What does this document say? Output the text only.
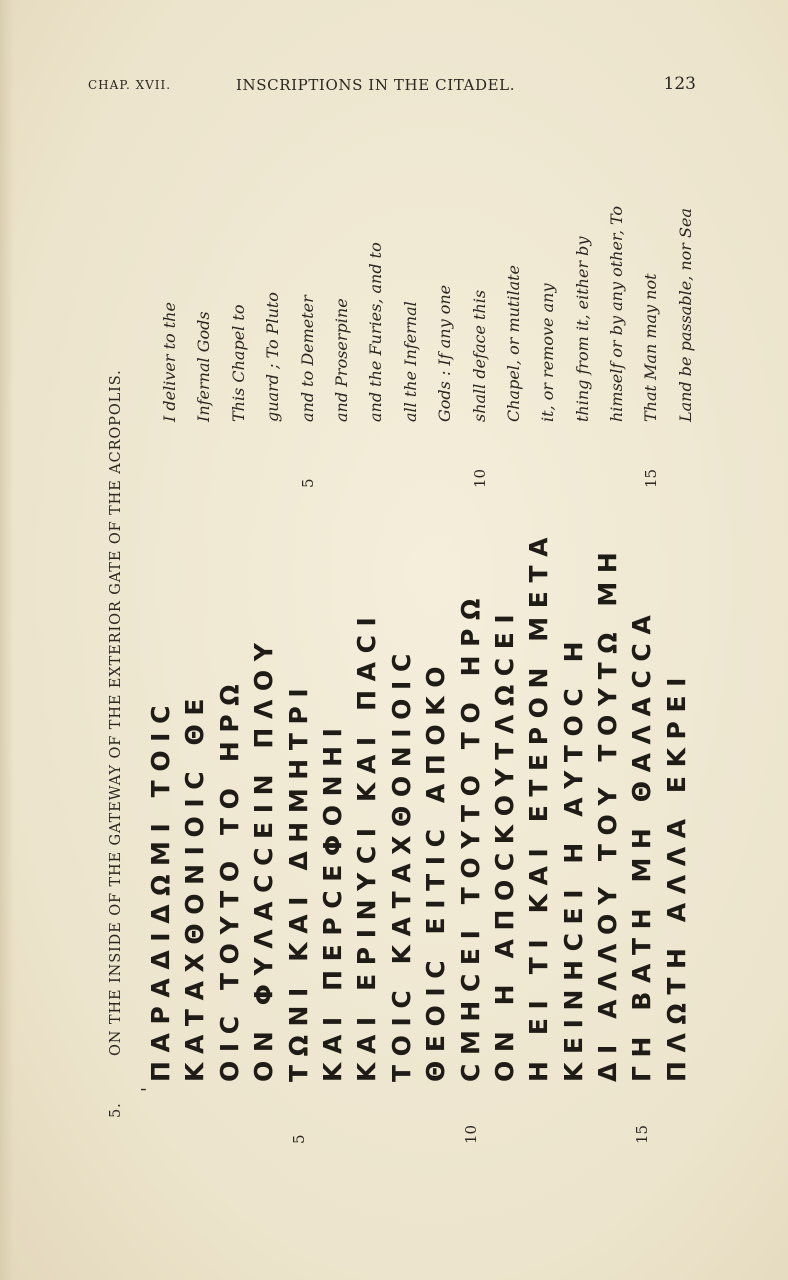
CHAP. XVII.	INSCRIPTIONS IN THE CITADEL.	123
5.ON THE INSIDE OF THE GATEWAY OF THE EXTERIOR GATE OF THE ACROPOLIS.
'
ΠΑΡΑΔΙΔΩΜΙ ΤΟΙϹ ΚΑΤΑΧΘΟΝΙΟΙϹ ΘΕ ΟΙϹ ΤΟΥΤΟ ΤΟ ΗΡΩ ΟΝ ΦΥΛΑϹϹΕΙΝ ΠΛΟΥ
5
ΤΩΝΙ ΚΑΙ ΔΗΜΗΤΡΙ ΚΑΙ ΠΕΡϹΕΦΟΝΗΙ ΚΑΙ ΕΡΙΝΥϹΙ ΚΑΙ ΠΑϹΙ ΤΟΙϹ ΚΑΤΑΧΘΟΝΙΟΙϹ ΘΕΟΙϹ ΕΙΤΙϹ ΑΠΟΚΟ
10
ϹΜΗϹΕΙ ΤΟΥΤΟ ΤΟ ΗΡΩ ΟΝ Η ΑΠΟϹΚΟΥΤΛΩϹΕΙ Η ΕΙ ΤΙ ΚΑΙ ΕΤΕΡΟΝ ΜΕΤΑ ΚΕΙΝΗϹΕΙ Η ΑΥΤΟϹ Η ΔΙ ΑΛΛΟΥ ΤΟΥ ΤΟΥΤΩ ΜΗ
15
ΓΗ ΒΑΤΗ ΜΗ ΘΑΛΑϹϹΑ ΠΛΩΤΗ ΑΛΛΑ ΕΚΡΕΙ
I deliver to the Infernal Gods This Chapel to guard ; To Pluto
5
and to Demeter and Proserpine and the Furies, and to all the Infernal Gods : If any one
10
shall deface this Chapel, or mutilate it, or remove any thing from it, either by himself or by any other, To
15
That Man may not Land be passable, nor Sea
